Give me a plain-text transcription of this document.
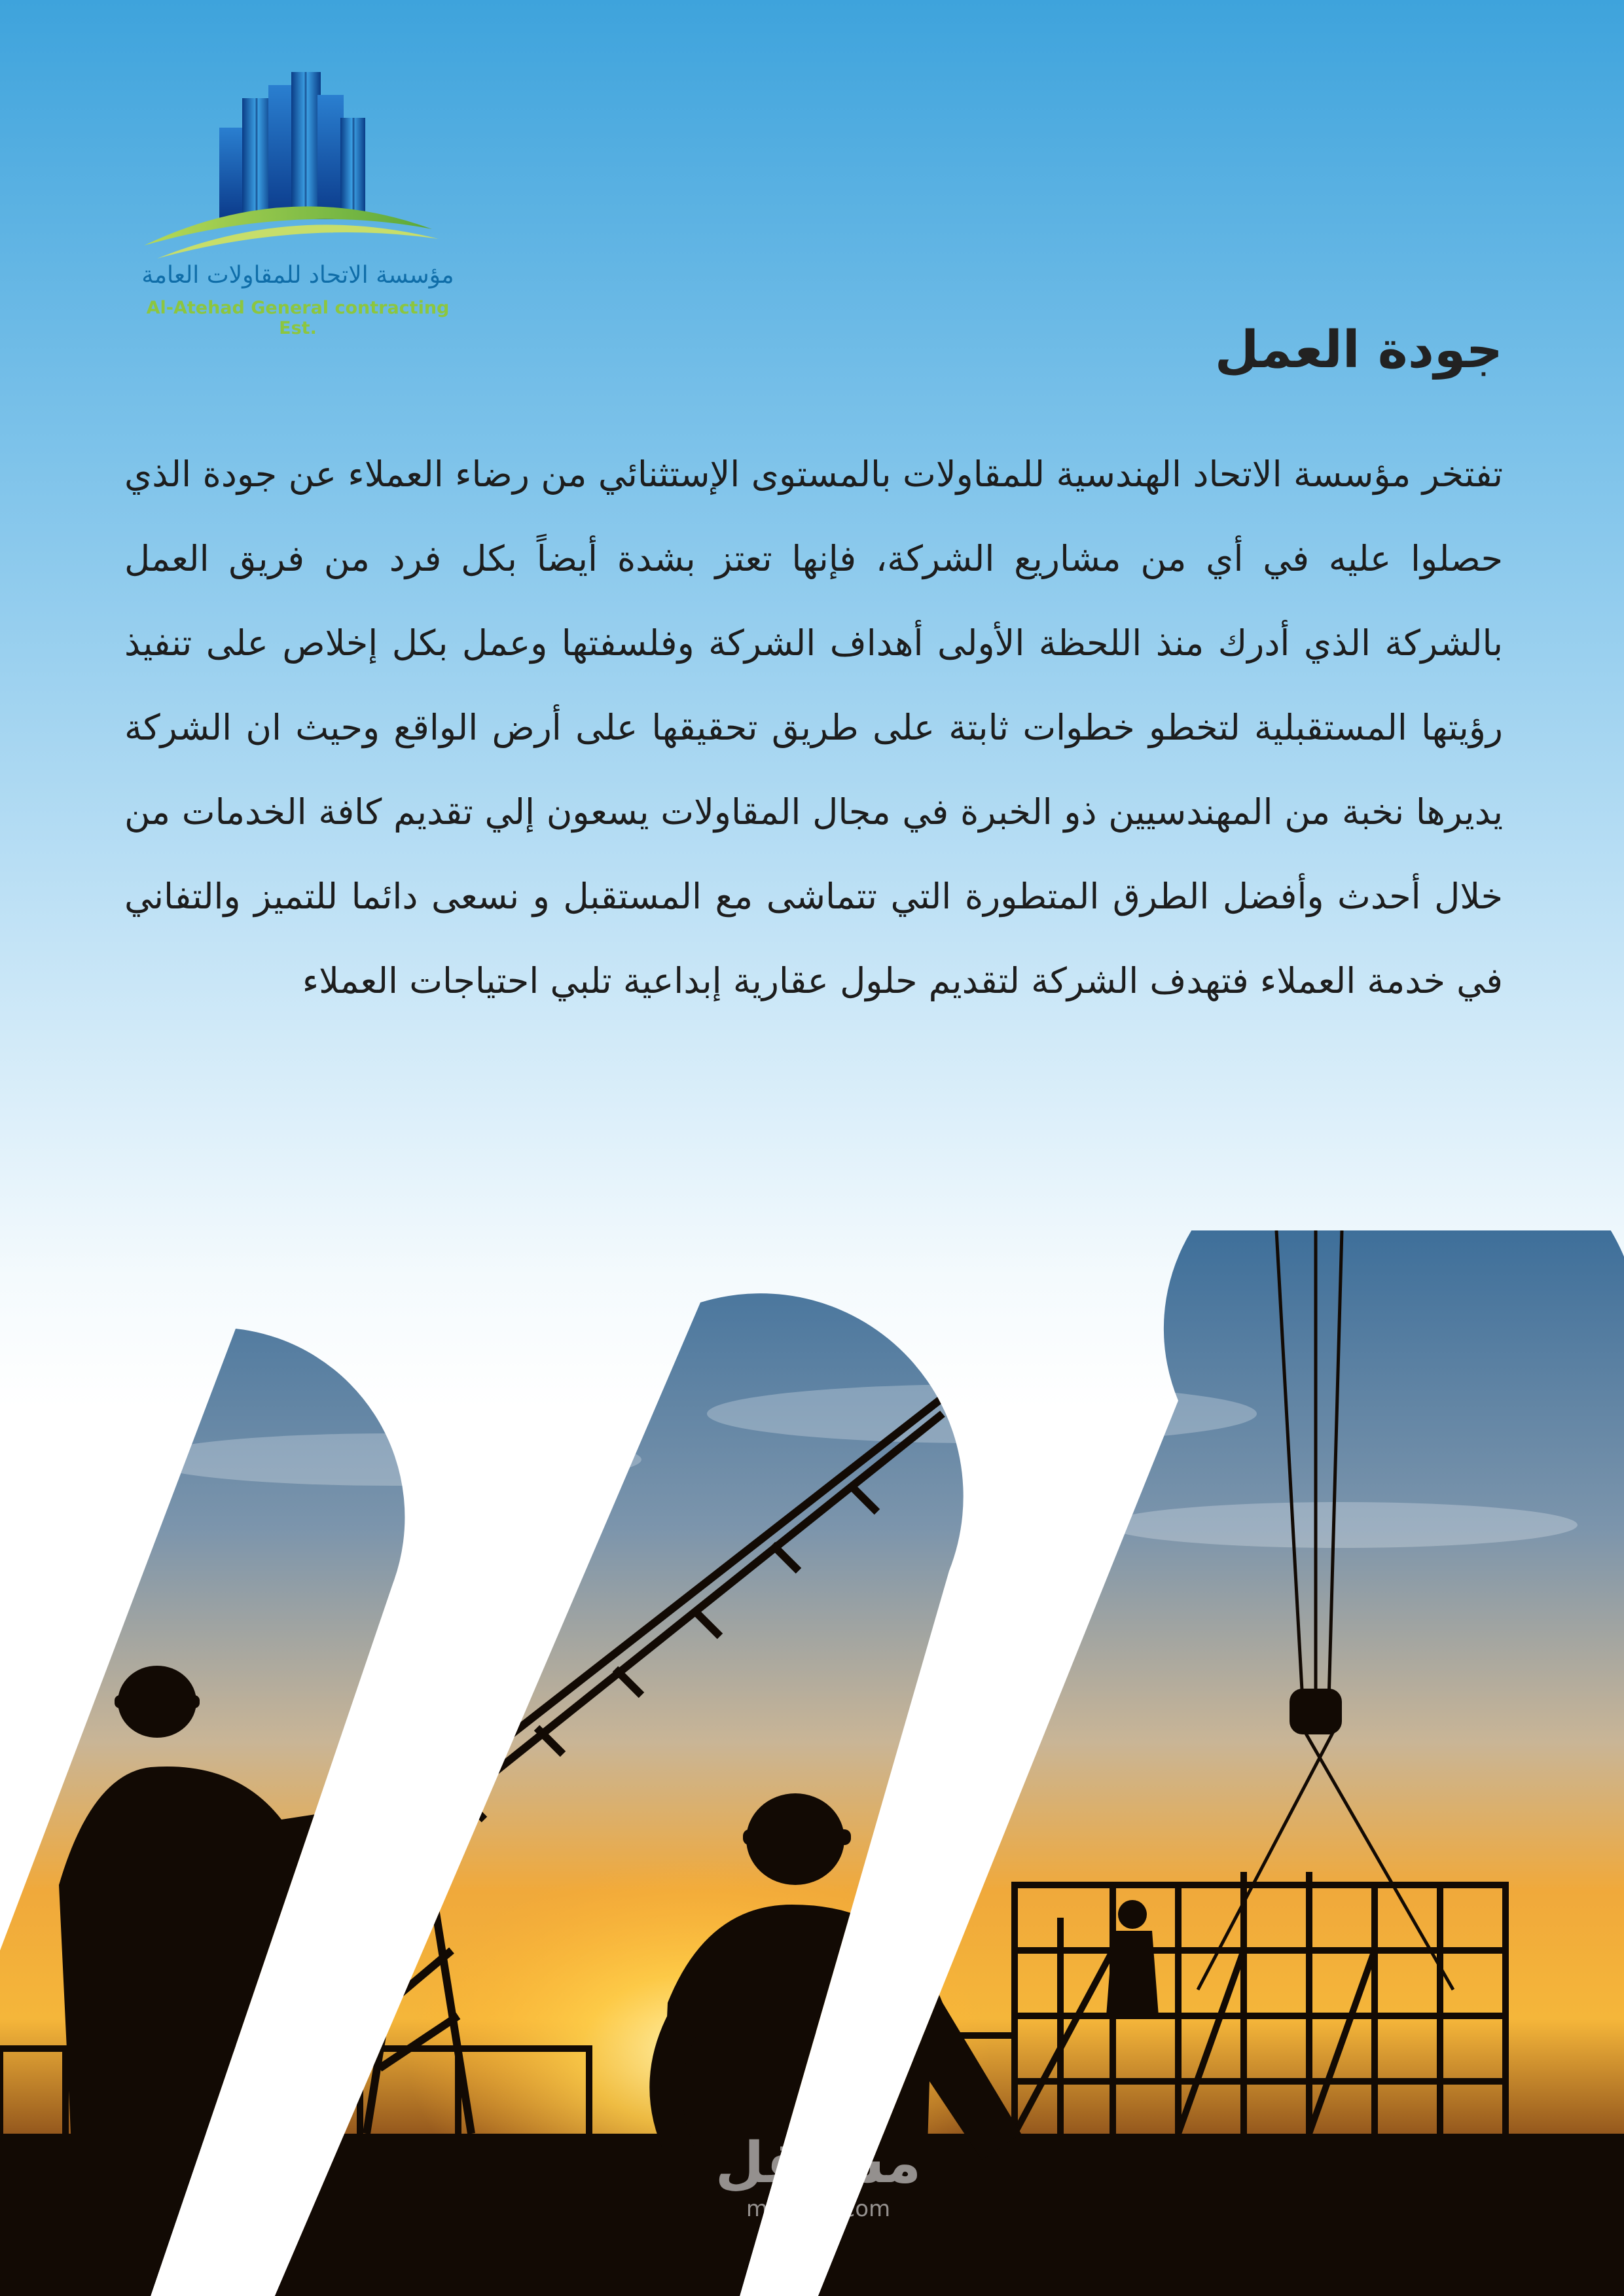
مؤسسة الاتحاد للمقاولات العامة
Al-Atehad General contracting Est.	جودة العمل

تفتخر مؤسسة الاتحاد الهندسية للمقاولات بالمستوى الإستثنائي من رضاء العملاء عن جودة الذي حصلوا عليه في أي من مشاريع الشركة، فإنها تعتز بشدة أيضاً بكل فرد من فريق العمل بالشركة الذي أدرك منذ اللحظة الأولى أهداف الشركة وفلسفتها وعمل بكل إخلاص على تنفيذ رؤيتها المستقبلية لتخطو خطوات ثابتة على طريق تحقيقها على أرض الواقع وحيث ان الشركة يديرها نخبة من المهندسيين ذو الخبرة في مجال المقاولات يسعون إلي تقديم كافة الخدمات من خلال أحدث وأفضل الطرق المتطورة التي تتماشى مع المستقبل و نسعى دائما للتميز والتفاني في خدمة العملاء فتهدف الشركة لتقديم حلول عقارية إبداعية تلبي احتياجات العملاء

مستقل
mostaql.com
